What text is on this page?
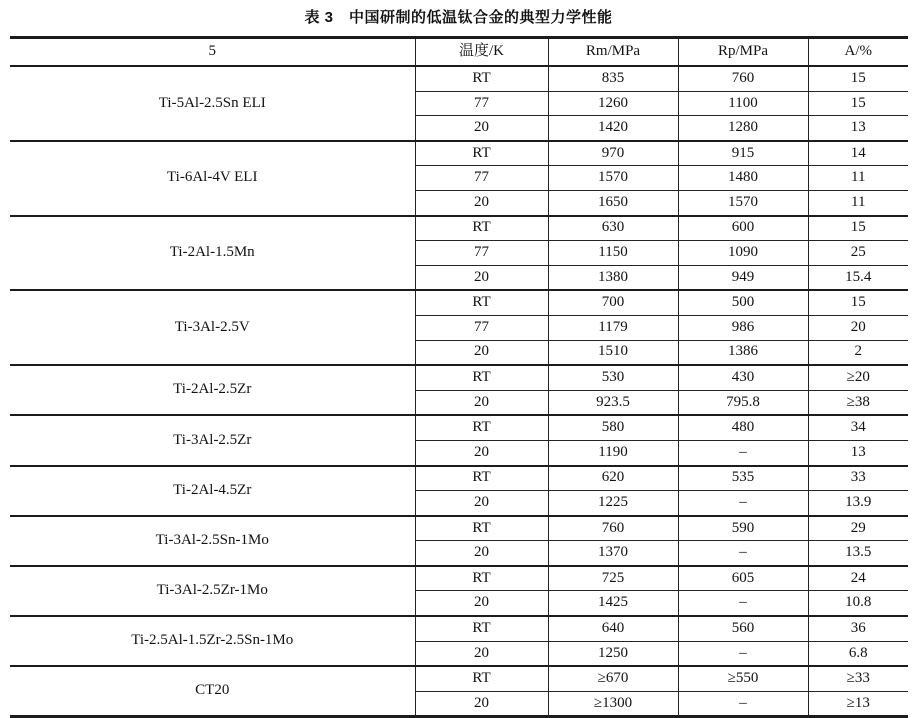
表 3　中国研制的低温钛合金的典型力学性能
5	温度/K	Rm/MPa	Rp/MPa	A/%
Ti-5Al-2.5Sn ELI	RT	835	760	15
	77	1260	1100	15
	20	1420	1280	13
Ti-6Al-4V ELI	RT	970	915	14
	77	1570	1480	11
	20	1650	1570	11
Ti-2Al-1.5Mn	RT	630	600	15
	77	1150	1090	25
	20	1380	949	15.4
Ti-3Al-2.5V	RT	700	500	15
	77	1179	986	20
	20	1510	1386	2
Ti-2Al-2.5Zr	RT	530	430	≥20
	20	923.5	795.8	≥38
Ti-3Al-2.5Zr	RT	580	480	34
	20	1190	–	13
Ti-2Al-4.5Zr	RT	620	535	33
	20	1225	–	13.9
Ti-3Al-2.5Sn-1Mo	RT	760	590	29
	20	1370	–	13.5
Ti-3Al-2.5Zr-1Mo	RT	725	605	24
	20	1425	–	10.8
Ti-2.5Al-1.5Zr-2.5Sn-1Mo	RT	640	560	36
	20	1250	–	6.8
CT20	RT	≥670	≥550	≥33
	20	≥1300	–	≥13
